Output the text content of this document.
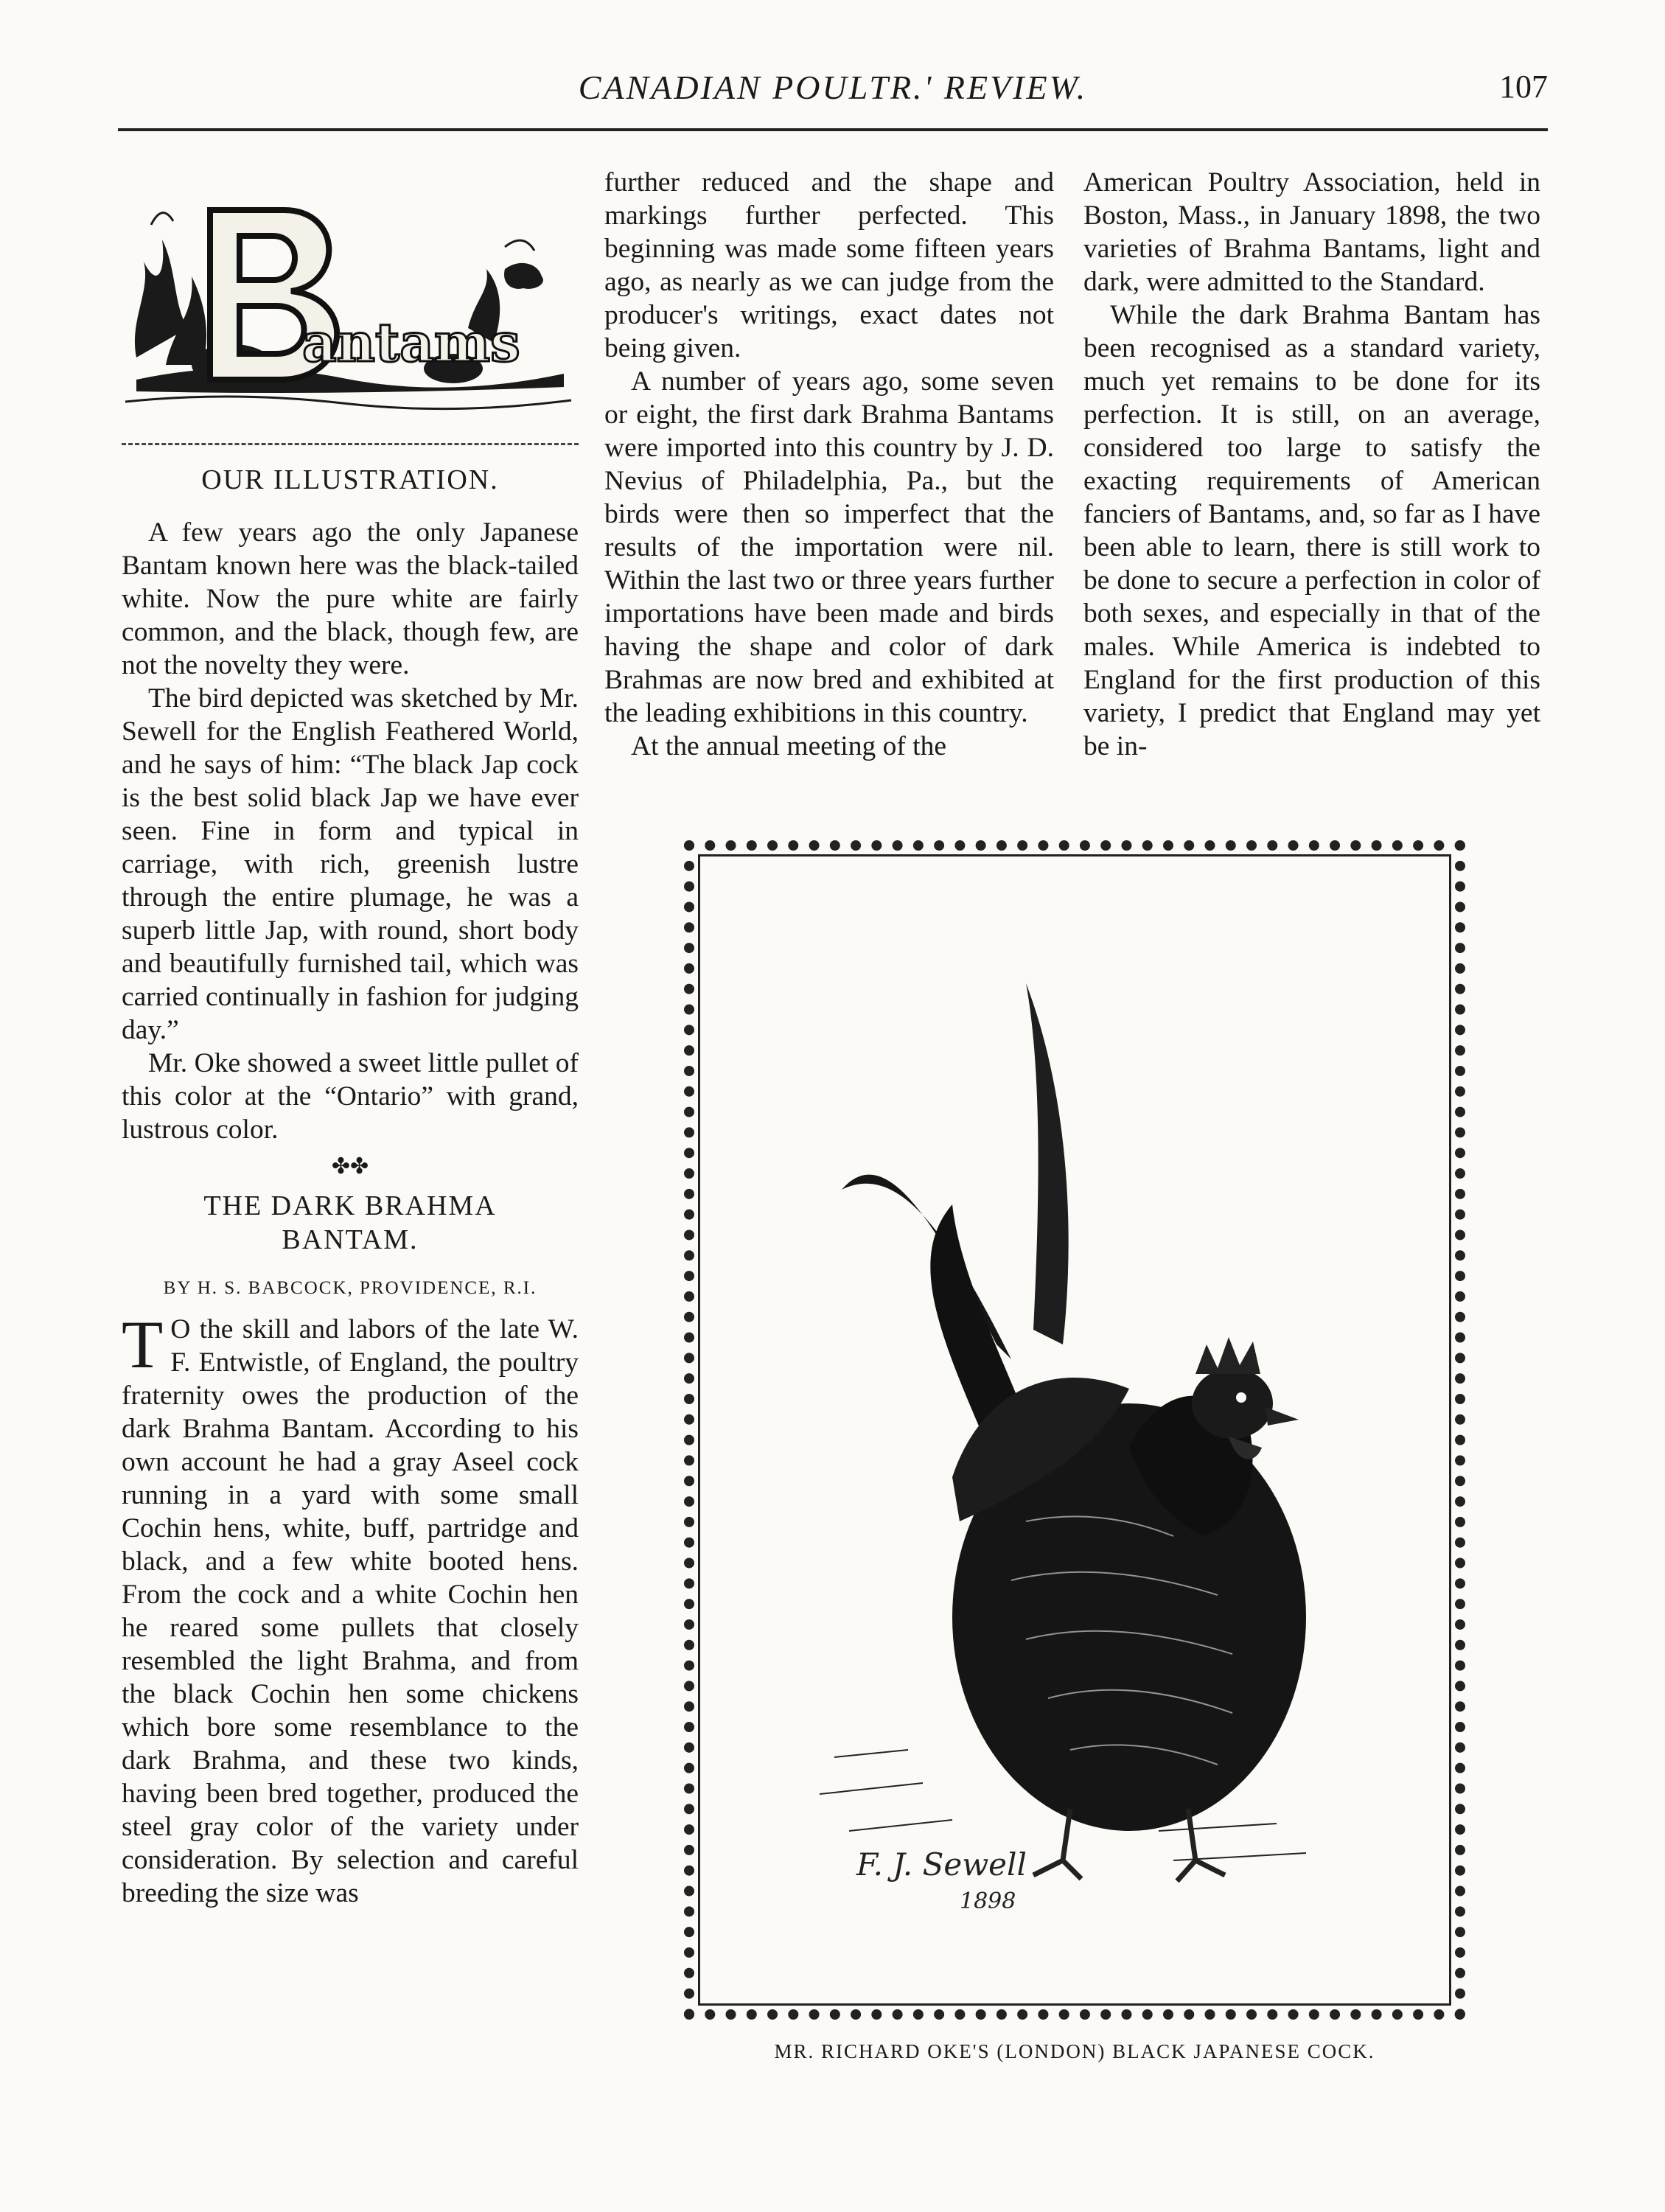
CANADIAN POULTR.' REVIEW.	107
antams
OUR ILLUSTRATION.

A few years ago the only Japanese Bantam known here was the black-tailed white. Now the pure white are fairly common, and the black, though few, are not the novelty they were.

The bird depicted was sketched by Mr. Sewell for the English Feathered World, and he says of him: “The black Jap cock is the best solid black Jap we have ever seen. Fine in form and typical in carriage, with rich, greenish lustre through the entire plumage, he was a superb little Jap, with round, short body and beautifully furnished tail, which was carried continually in fashion for judging day.”

Mr. Oke showed a sweet little pullet of this color at the “Ontario” with grand, lustrous color.

✤✤
THE DARK BRAHMA
BANTAM.
BY H. S. BABCOCK, PROVIDENCE, R.I.

T O the skill and labors of the late W. F. Entwistle, of England, the poultry fraternity owes the production of the dark Brahma Bantam. According to his own account he had a gray Aseel cock running in a yard with some small Cochin hens, white, buff, partridge and black, and a few white booted hens. From the cock and a white Cochin hen he reared some pullets that closely resembled the light Brahma, and from the black Cochin hen some chickens which bore some resemblance to the dark Brahma, and these two kinds, having been bred together, produced the steel gray color of the variety under consideration. By selection and careful breeding the size was

further reduced and the shape and markings further perfected. This beginning was made some fifteen years ago, as nearly as we can judge from the producer's writings, exact dates not being given.

A number of years ago, some seven or eight, the first dark Brahma Bantams were imported into this country by J. D. Nevius of Philadelphia, Pa., but the birds were then so imperfect that the results of the importation were nil. Within the last two or three years further importations have been made and birds having the shape and color of dark Brahmas are now bred and exhibited at the leading exhibitions in this country.

At the annual meeting of the

American Poultry Association, held in Boston, Mass., in January 1898, the two varieties of Brahma Bantams, light and dark, were admitted to the Standard.

While the dark Brahma Bantam has been recognised as a standard variety, much yet remains to be done for its perfection. It is still, on an average, considered too large to satisfy the exacting requirements of American fanciers of Bantams, and, so far as I have been able to learn, there is still work to be done to secure a perfection in color of both sexes, and especially in that of the males. While America is indebted to England for the first production of this variety, I predict that England may yet be in-

F. J. Sewell
1898
MR. RICHARD OKE'S (LONDON) BLACK JAPANESE COCK.
